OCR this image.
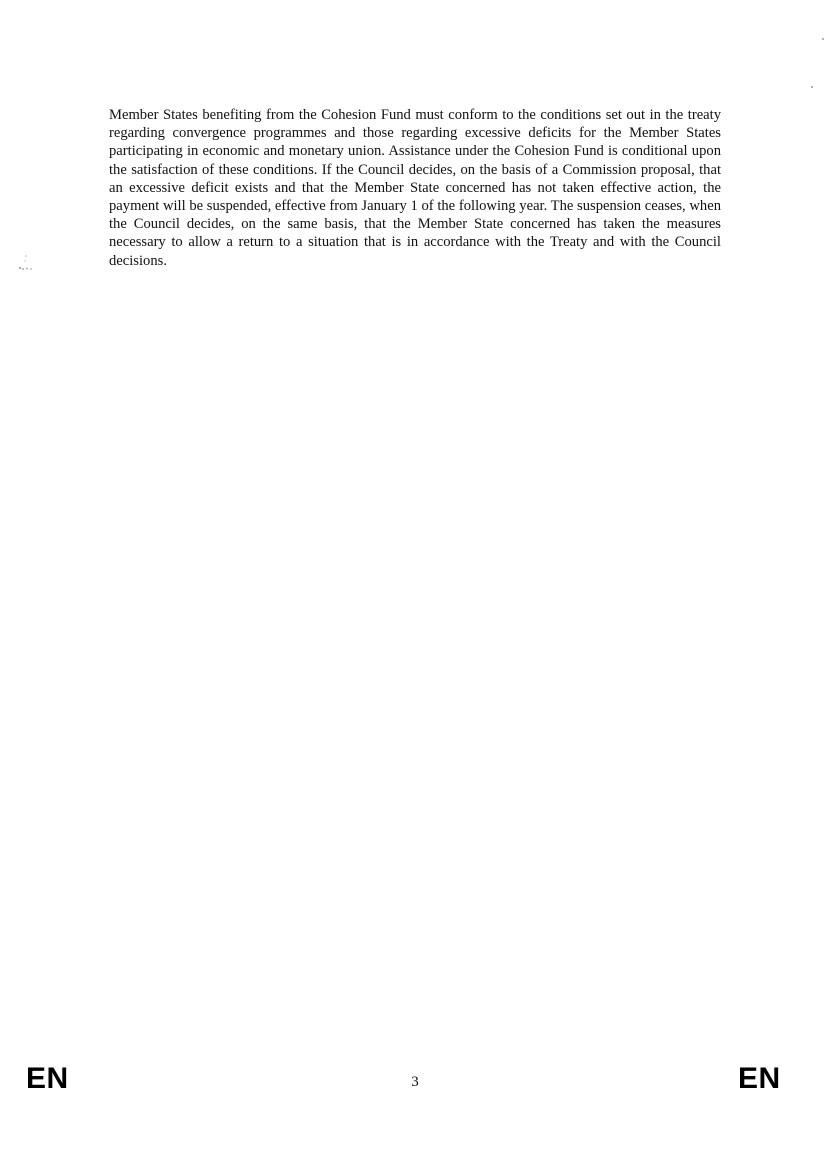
Member States benefiting from the Cohesion Fund must conform to the conditions set out in the treaty regarding convergence programmes and those regarding excessive deficits for the Member States participating in economic and monetary union. Assistance under the Cohesion Fund is conditional upon the satisfaction of these conditions. If the Council decides, on the basis of a Commission proposal, that an excessive deficit exists and that the Member State concerned has not taken effective action, the payment will be suspended, effective from January 1 of the following year. The suspension ceases, when the Council decides, on the same basis, that the Member State concerned has taken the measures necessary to allow a return to a situation that is in accordance with the Treaty and with the Council decisions.

EN	3	EN
